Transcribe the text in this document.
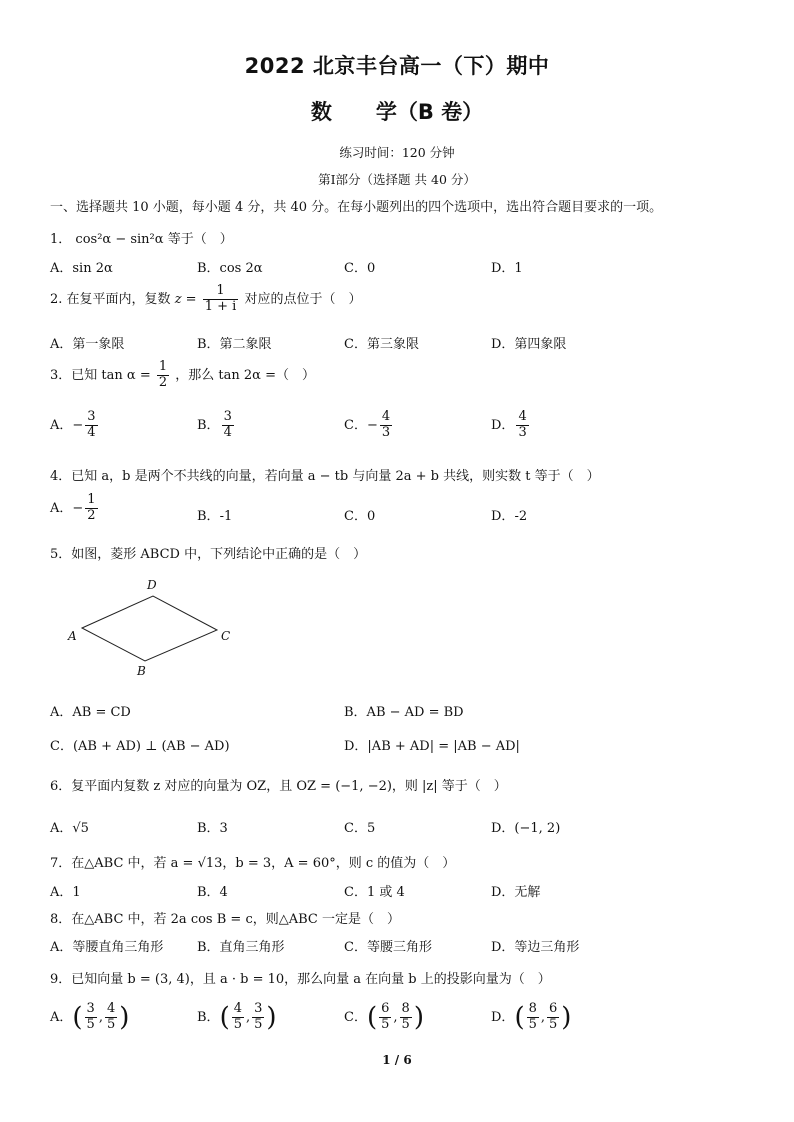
2022 北京丰台高一（下）期中
数 学（B 卷）
练习时间：120 分钟
第Ⅰ部分（选择题 共 40 分）
一、选择题共 10 小题，每小题 4 分，共 40 分。在每小题列出的四个选项中，选出符合题目要求的一项。
1． cos²α − sin²α 等于（　）
A．sin 2α	B．cos 2α	C．0	D．1
2. 在复平面内，复数 $z = \frac{1}{1 + i}$ 对应的点位于（　）
A．第一象限	B．第二象限	C．第三象限	D．第四象限
3．已知 $\tan \alpha = \frac{1}{2}$ ，那么 tan 2α =（　）
A．− $\frac{3}{4}$	B． $\frac{3}{4}$	C．− $\frac{4}{3}$	D． $\frac{4}{3}$
4．已知 a，b 是两个不共线的向量，若向量 a − tb 与向量 2a + b 共线，则实数 t 等于（　）
A．− $\frac{1}{2}$	B．-1	C．0	D．-2
5．如图，菱形 ABCD 中，下列结论中正确的是（　）
A
D
C
B
A．AB = CD	B．AB − AD = BD
C．(AB + AD) ⊥ (AB − AD)	D．|AB + AD| = |AB − AD|
6．复平面内复数 z 对应的向量为 OZ，且 OZ = (−1, −2)，则 |z| 等于（　）
A．√5	B．3	C．5	D．(−1, 2)
7．在△ABC 中，若 a = √13，b = 3，A = 60°，则 c 的值为（　）
A．1	B．4	C．1 或 4	D．无解
8．在△ABC 中，若 2a cos B = c，则△ABC 一定是（　）
A．等腰直角三角形	B．直角三角形	C．等腰三角形	D．等边三角形
9．已知向量 b = (3, 4)，且 a · b = 10，那么向量 a 在向量 b 上的投影向量为（　）
A．( $\frac{3}{5}$ , $\frac{4}{5}$ )	B．( $\frac{4}{5}$ , $\frac{3}{5}$ )	C．( $\frac{6}{5}$ , $\frac{8}{5}$ )	D．( $\frac{8}{5}$ , $\frac{6}{5}$ )
1 / 6
